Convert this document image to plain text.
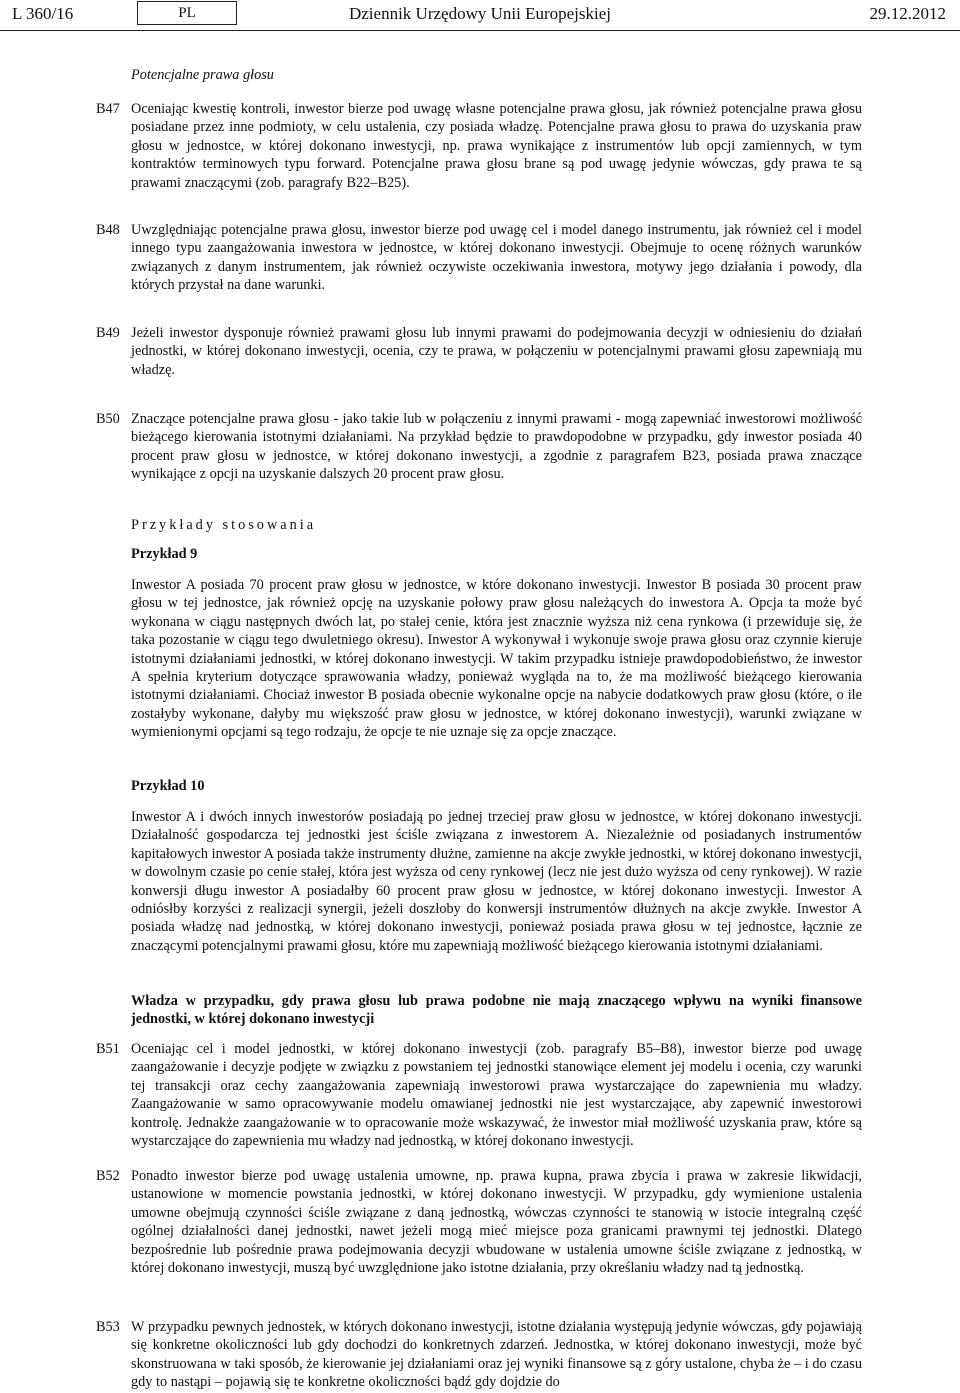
L 360/16	PL	Dziennik Urzędowy Unii Europejskiej	29.12.2012
Potencjalne prawa głosu
B47 Oceniając kwestię kontroli, inwestor bierze pod uwagę własne potencjalne prawa głosu, jak również potencjalne prawa głosu posiadane przez inne podmioty, w celu ustalenia, czy posiada władzę. Potencjalne prawa głosu to prawa do uzyskania praw głosu w jednostce, w której dokonano inwestycji, np. prawa wynikające z instrumentów lub opcji zamiennych, w tym kontraktów terminowych typu forward. Potencjalne prawa głosu brane są pod uwagę jedynie wówczas, gdy prawa te są prawami znaczącymi (zob. paragrafy B22–B25).
B48 Uwzględniając potencjalne prawa głosu, inwestor bierze pod uwagę cel i model danego instrumentu, jak również cel i model innego typu zaangażowania inwestora w jednostce, w której dokonano inwestycji. Obejmuje to ocenę różnych warunków związanych z danym instrumentem, jak również oczywiste oczekiwania inwestora, motywy jego działania i powody, dla których przystał na dane warunki.
B49 Jeżeli inwestor dysponuje również prawami głosu lub innymi prawami do podejmowania decyzji w odniesieniu do działań jednostki, w której dokonano inwestycji, ocenia, czy te prawa, w połączeniu w potencjalnymi prawami głosu zapewniają mu władzę.
B50 Znaczące potencjalne prawa głosu - jako takie lub w połączeniu z innymi prawami - mogą zapewniać inwestorowi możliwość bieżącego kierowania istotnymi działaniami. Na przykład będzie to prawdopodobne w przypadku, gdy inwestor posiada 40 procent praw głosu w jednostce, w której dokonano inwestycji, a zgodnie z paragrafem B23, posiada prawa znaczące wynikające z opcji na uzyskanie dalszych 20 procent praw głosu.
Przykłady stosowania
Przykład 9
Inwestor A posiada 70 procent praw głosu w jednostce, w które dokonano inwestycji. Inwestor B posiada 30 procent praw głosu w tej jednostce, jak również opcję na uzyskanie połowy praw głosu należących do inwestora A. Opcja ta może być wykonana w ciągu następnych dwóch lat, po stałej cenie, która jest znacznie wyższa niż cena rynkowa (i przewiduje się, że taka pozostanie w ciągu tego dwuletniego okresu). Inwestor A wykonywał i wykonuje swoje prawa głosu oraz czynnie kieruje istotnymi działaniami jednostki, w której dokonano inwestycji. W takim przypadku istnieje prawdopodobieństwo, że inwestor A spełnia kryterium dotyczące sprawowania władzy, ponieważ wygląda na to, że ma możliwość bieżącego kierowania istotnymi działaniami. Chociaż inwestor B posiada obecnie wykonalne opcje na nabycie dodatkowych praw głosu (które, o ile zostałyby wykonane, dałyby mu większość praw głosu w jednostce, w której dokonano inwestycji), warunki związane w wymienionymi opcjami są tego rodzaju, że opcje te nie uznaje się za opcje znaczące.
Przykład 10
Inwestor A i dwóch innych inwestorów posiadają po jednej trzeciej praw głosu w jednostce, w której dokonano inwestycji. Działalność gospodarcza tej jednostki jest ściśle związana z inwestorem A. Niezależnie od posiadanych instrumentów kapitałowych inwestor A posiada także instrumenty dłużne, zamienne na akcje zwykłe jednostki, w której dokonano inwestycji, w dowolnym czasie po cenie stałej, która jest wyższa od ceny rynkowej (lecz nie jest dużo wyższa od ceny rynkowej). W razie konwersji długu inwestor A posiadałby 60 procent praw głosu w jednostce, w której dokonano inwestycji. Inwestor A odniósłby korzyści z realizacji synergii, jeżeli doszłoby do konwersji instrumentów dłużnych na akcje zwykłe. Inwestor A posiada władzę nad jednostką, w której dokonano inwestycji, ponieważ posiada prawa głosu w tej jednostce, łącznie ze znaczącymi potencjalnymi prawami głosu, które mu zapewniają możliwość bieżącego kierowania istotnymi działaniami.
Władza w przypadku, gdy prawa głosu lub prawa podobne nie mają znaczącego wpływu na wyniki finansowe jednostki, w której dokonano inwestycji
B51 Oceniając cel i model jednostki, w której dokonano inwestycji (zob. paragrafy B5–B8), inwestor bierze pod uwagę zaangażowanie i decyzje podjęte w związku z powstaniem tej jednostki stanowiące element jej modelu i oceniа, czy warunki tej transakcji oraz cechy zaangażowania zapewniają inwestorowi prawa wystarczające do zapewnienia mu władzy. Zaangażowanie w samo opracowywanie modelu omawianej jednostki nie jest wystarczające, aby zapewnić inwestorowi kontrolę. Jednakże zaangażowanie w to opracowanie może wskazywać, że inwestor miał możliwość uzyskania praw, które są wystarczające do zapewnienia mu władzy nad jednostką, w której dokonano inwestycji.
B52 Ponadto inwestor bierze pod uwagę ustalenia umowne, np. prawa kupna, prawa zbycia i prawa w zakresie likwidacji, ustanowione w momencie powstania jednostki, w której dokonano inwestycji. W przypadku, gdy wymienione ustalenia umowne obejmują czynności ściśle związane z daną jednostką, wówczas czynności te stanowią w istocie integralną część ogólnej działalności danej jednostki, nawet jeżeli mogą mieć miejsce poza granicami prawnymi tej jednostki. Dlatego bezpośrednie lub pośrednie prawa podejmowania decyzji wbudowane w ustalenia umowne ściśle związane z jednostką, w której dokonano inwestycji, muszą być uwzględnione jako istotne działania, przy określaniu władzy nad tą jednostką.
B53 W przypadku pewnych jednostek, w których dokonano inwestycji, istotne działania występują jedynie wówczas, gdy pojawiają się konkretne okoliczności lub gdy dochodzi do konkretnych zdarzeń. Jednostka, w której dokonano inwestycji, może być skonstruowana w taki sposób, że kierowanie jej działaniami oraz jej wyniki finansowe są z góry ustalone, chyba że – i do czasu gdy to nastąpi – pojawią się te konkretne okoliczności bądź gdy dojdzie do
